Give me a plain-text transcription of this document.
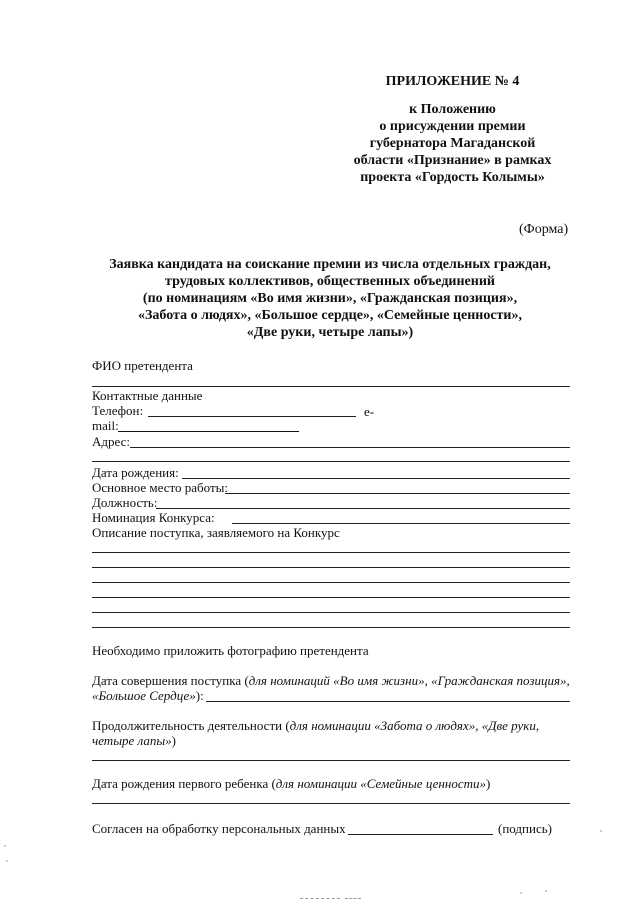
ПРИЛОЖЕНИЕ № 4
к Положению
о присуждении премии
губернатора Магаданской
области «Признание» в рамках
проекта «Гордость Колымы»
(Форма)
Заявка кандидата на соискание премии из числа отдельных граждан,
трудовых коллективов, общественных объединений
(по номинациям «Во имя жизни», «Гражданская позиция»,
«Забота о людях», «Большое сердце», «Семейные ценности»,
«Две руки, четыре лапы»)
ФИО претендента
Контактные данные
Телефон:	e-
mail:
Адрес:
Дата рождения:
Основное место работы:
Должность:
Номинация Конкурса:
Описание поступка, заявляемого на Конкурс
Необходимо приложить фотографию претендента
Дата совершения поступка (для номинаций «Во имя жизни», «Гражданская позиция»,
«Большое Сердце»):
Продолжительность деятельности (для номинации «Забота о людях», «Две руки,
четыре лапы»)
Дата рождения первого ребенка (для номинации «Семейные ценности»)
Согласен на обработку персональных данных	(подпись)
